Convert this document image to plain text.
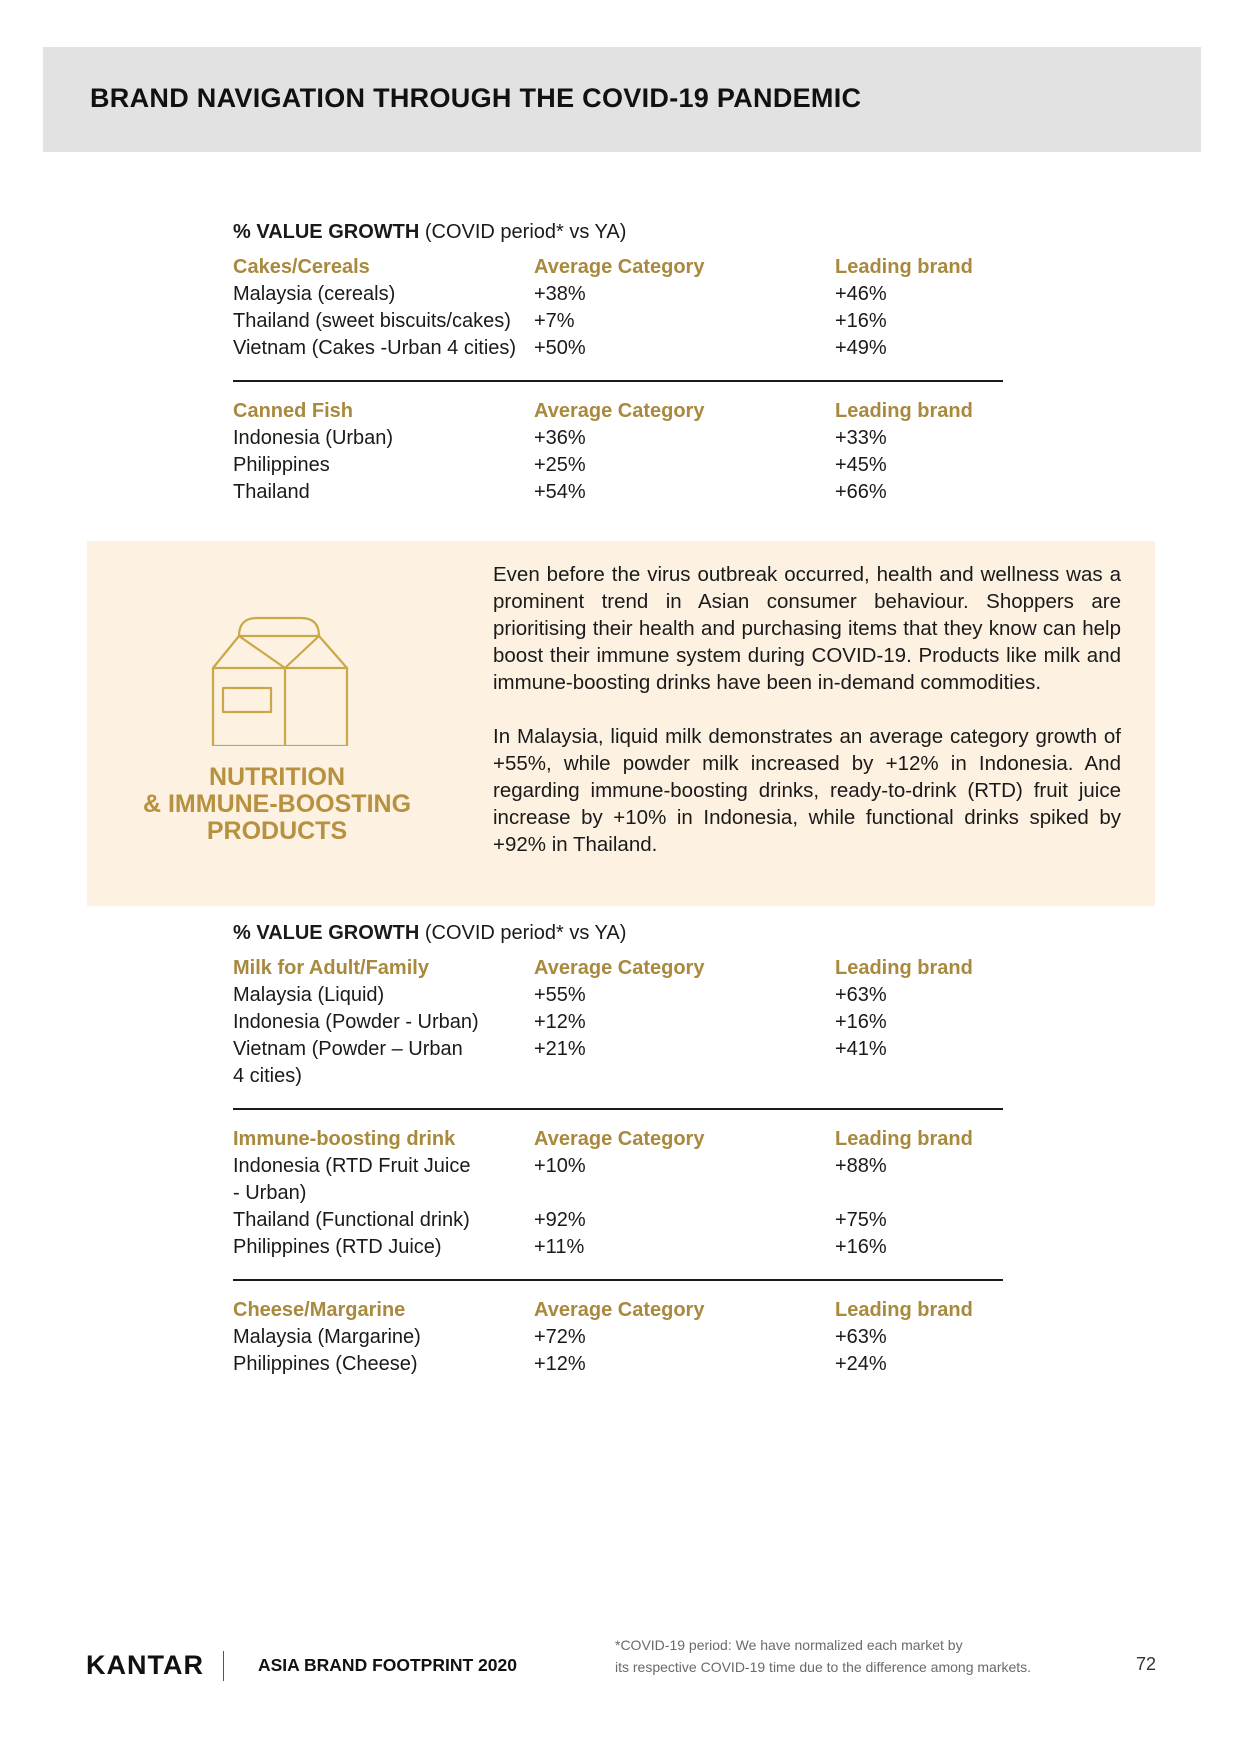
BRAND NAVIGATION THROUGH THE COVID-19 PANDEMIC
% VALUE GROWTH (COVID period* vs YA)
Cakes/Cereals	Average Category	Leading brand
Malaysia (cereals)	+38%	+46%
Thailand (sweet biscuits/cakes)	+7%	+16%
Vietnam (Cakes -Urban 4 cities) +50%	+49%
Canned Fish	Average Category	Leading brand
Indonesia (Urban)	+36%	+33%
Philippines	+25%	+45%
Thailand	+54%	+66%
NUTRITION
& IMMUNE-BOOSTING
PRODUCTS

Even before the virus outbreak occurred, health and wellness was a prominent trend in Asian consumer behaviour. Shoppers are prioritising their health and purchasing items that they know can help boost their immune system during COVID-19. Products like milk and immune-boosting drinks have been in-demand commodities.

In Malaysia, liquid milk demonstrates an average category growth of +55%, while powder milk increased by +12% in Indonesia. And regarding immune-boosting drinks, ready-to-drink (RTD) fruit juice increase by +10% in Indonesia, while functional drinks spiked by +92% in Thailand.

% VALUE GROWTH (COVID period* vs YA)
Milk for Adult/Family	Average Category	Leading brand
Malaysia (Liquid)	+55%	+63%
Indonesia (Powder - Urban)	+12%	+16%
Vietnam (Powder – Urban
4 cities)
+21%	+41%
Immune-boosting drink	Average Category	Leading brand
Indonesia (RTD Fruit Juice
- Urban)
+10%	+88%
Thailand (Functional drink)	+92%	+75%
Philippines (RTD Juice)	+11%	+16%
Cheese/Margarine	Average Category	Leading brand
Malaysia (Margarine)	+72%	+63%
Philippines (Cheese)	+12%	+24%
KANTAR	ASIA BRAND FOOTPRINT 2020
*COVID-19 period: We have normalized each market by
its respective COVID-19 time due to the difference among markets.	72
